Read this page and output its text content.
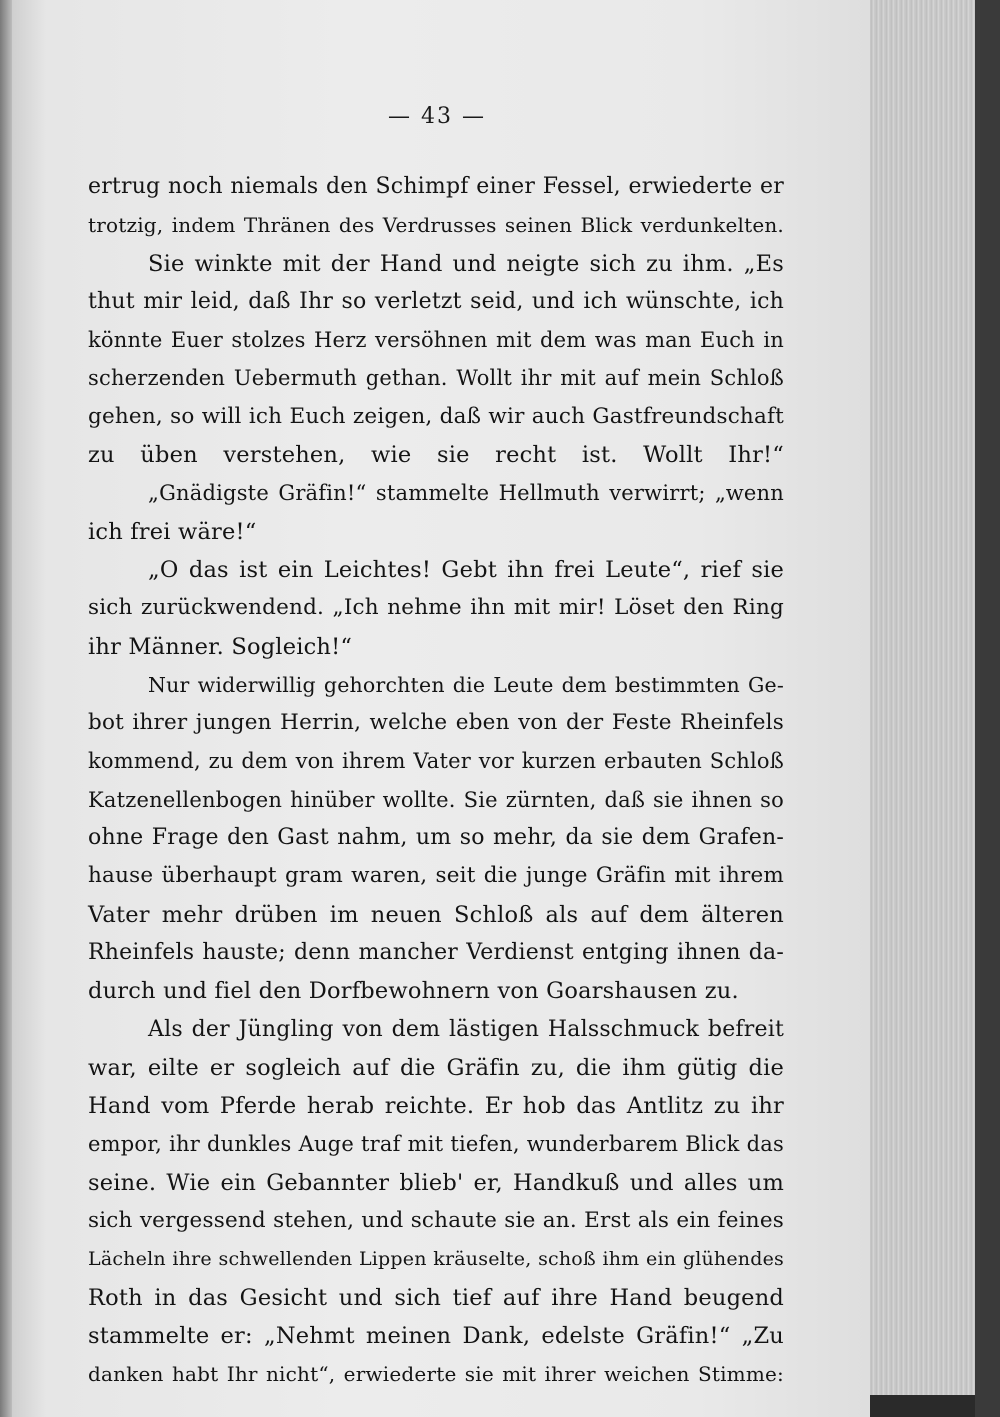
— 43 —
ertrug noch niemals den Schimpf einer Fessel, erwiederte er
trotzig, indem Thränen des Verdrusses seinen Blick verdunkelten.
Sie winkte mit der Hand und neigte sich zu ihm. „Es
thut mir leid, daß Ihr so verletzt seid, und ich wünschte, ich
könnte Euer stolzes Herz versöhnen mit dem was man Euch in
scherzenden Uebermuth gethan. Wollt ihr mit auf mein Schloß
gehen, so will ich Euch zeigen, daß wir auch Gastfreundschaft
zu üben verstehen, wie sie recht ist. Wollt Ihr!“
„Gnädigste Gräfin!“ stammelte Hellmuth verwirrt; „wenn
ich frei wäre!“
„O das ist ein Leichtes! Gebt ihn frei Leute“, rief sie
sich zurückwendend. „Ich nehme ihn mit mir! Löset den Ring
ihr Männer. Sogleich!“
Nur widerwillig gehorchten die Leute dem bestimmten Ge-
bot ihrer jungen Herrin, welche eben von der Feste Rheinfels
kommend, zu dem von ihrem Vater vor kurzen erbauten Schloß
Katzenellenbogen hinüber wollte. Sie zürnten, daß sie ihnen so
ohne Frage den Gast nahm, um so mehr, da sie dem Grafen-
hause überhaupt gram waren, seit die junge Gräfin mit ihrem
Vater mehr drüben im neuen Schloß als auf dem älteren
Rheinfels hauste; denn mancher Verdienst entging ihnen da-
durch und fiel den Dorfbewohnern von Goarshausen zu.
Als der Jüngling von dem lästigen Halsschmuck befreit
war, eilte er sogleich auf die Gräfin zu, die ihm gütig die
Hand vom Pferde herab reichte. Er hob das Antlitz zu ihr
empor, ihr dunkles Auge traf mit tiefen, wunderbarem Blick das
seine. Wie ein Gebannter blieb' er, Handkuß und alles um
sich vergessend stehen, und schaute sie an. Erst als ein feines
Lächeln ihre schwellenden Lippen kräuselte, schoß ihm ein glühendes
Roth in das Gesicht und sich tief auf ihre Hand beugend
stammelte er: „Nehmt meinen Dank, edelste Gräfin!“ „Zu
danken habt Ihr nicht“, erwiederte sie mit ihrer weichen Stimme:
